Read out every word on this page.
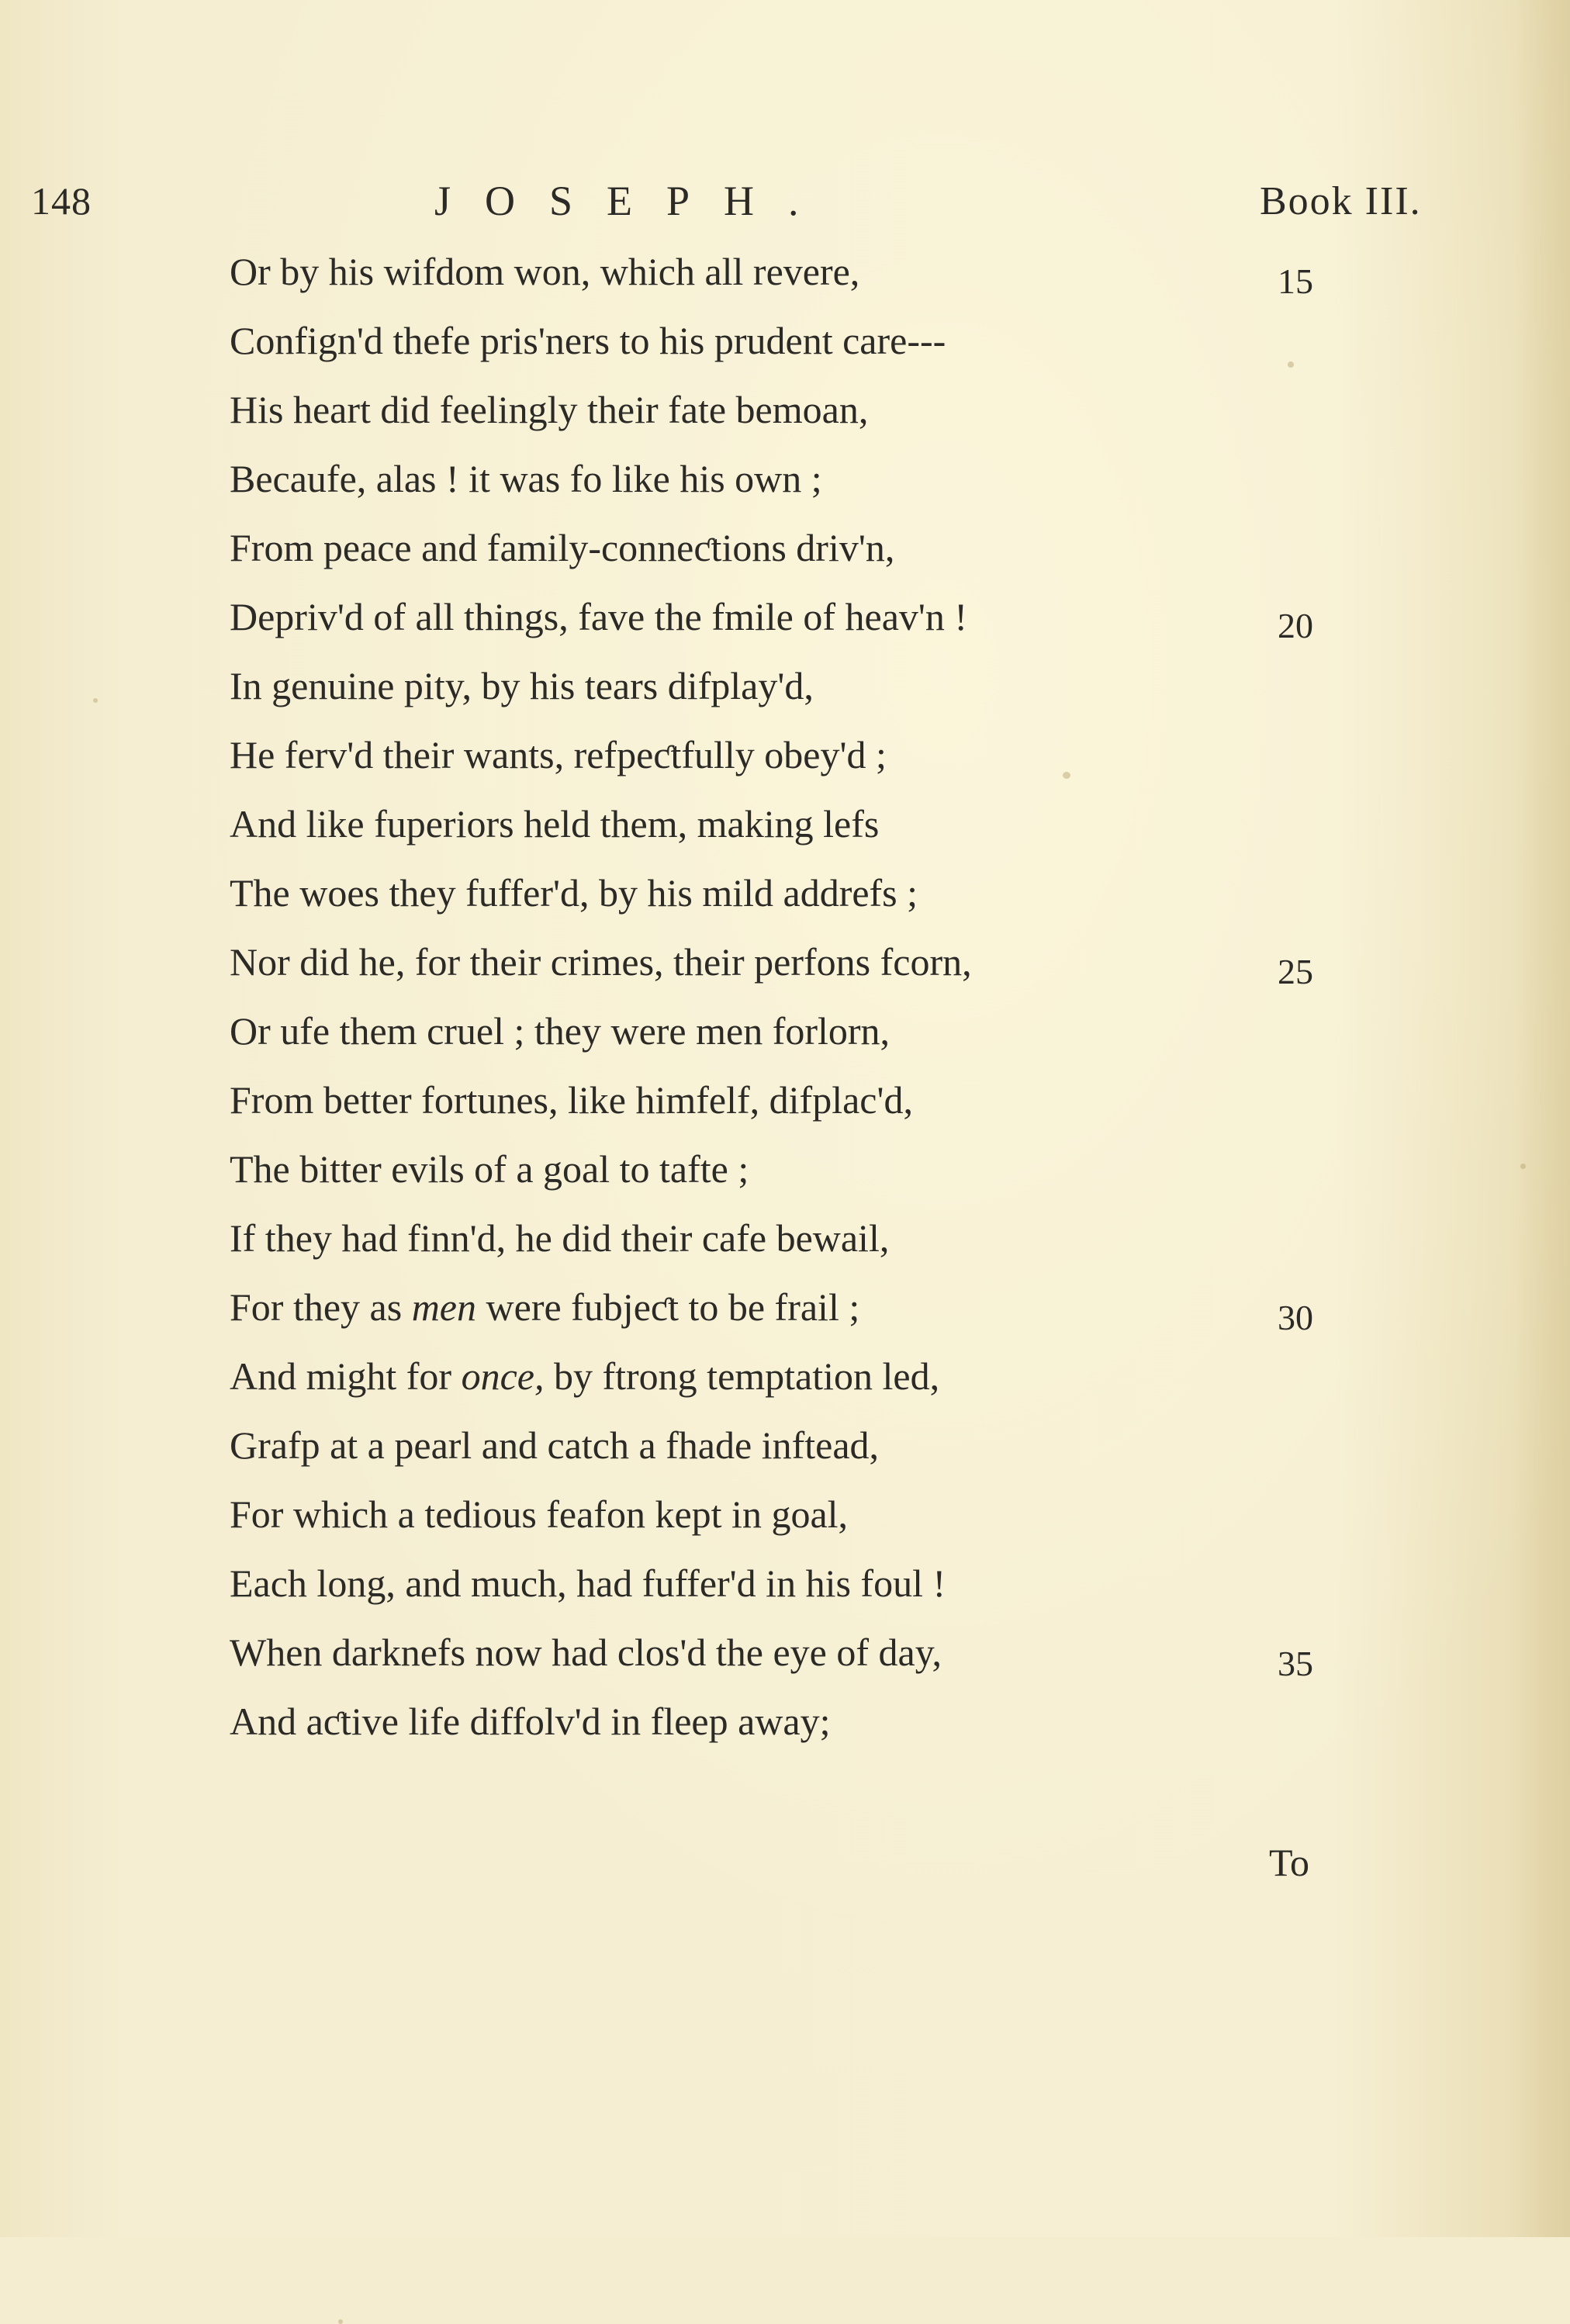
148	JOSEPH.	Book III.
Or by his wifdom won, which all revere,
Confign'd thefe pris'ners to his prudent care---
His heart did feelingly their fate bemoan,
Becaufe, alas ! it was fo like his own ;
From peace and family-conneƈtions driv'n,
Depriv'd of all things, fave the fmile of heav'n !
In genuine pity, by his tears difplay'd,
He ferv'd their wants, refpeƈtfully obey'd ;
And like fuperiors held them, making lefs
The woes they fuffer'd, by his mild addrefs ;
Nor did he, for their crimes, their perfons fcorn,
Or ufe them cruel ; they were men forlorn,
From better fortunes, like himfelf, difplac'd,
The bitter evils of a goal to tafte ;
If they had finn'd, he did their cafe bewail,
For they as men were fubjeƈt to be frail ;
And might for once, by ftrong temptation led,
Grafp at a pearl and catch a fhade inftead,
For which a tedious feafon kept in goal,
Each long, and much, had fuffer'd in his foul !
When darknefs now had clos'd the eye of day,
And aƈtive life diffolv'd in fleep away;
15
20
25
30
35
To
